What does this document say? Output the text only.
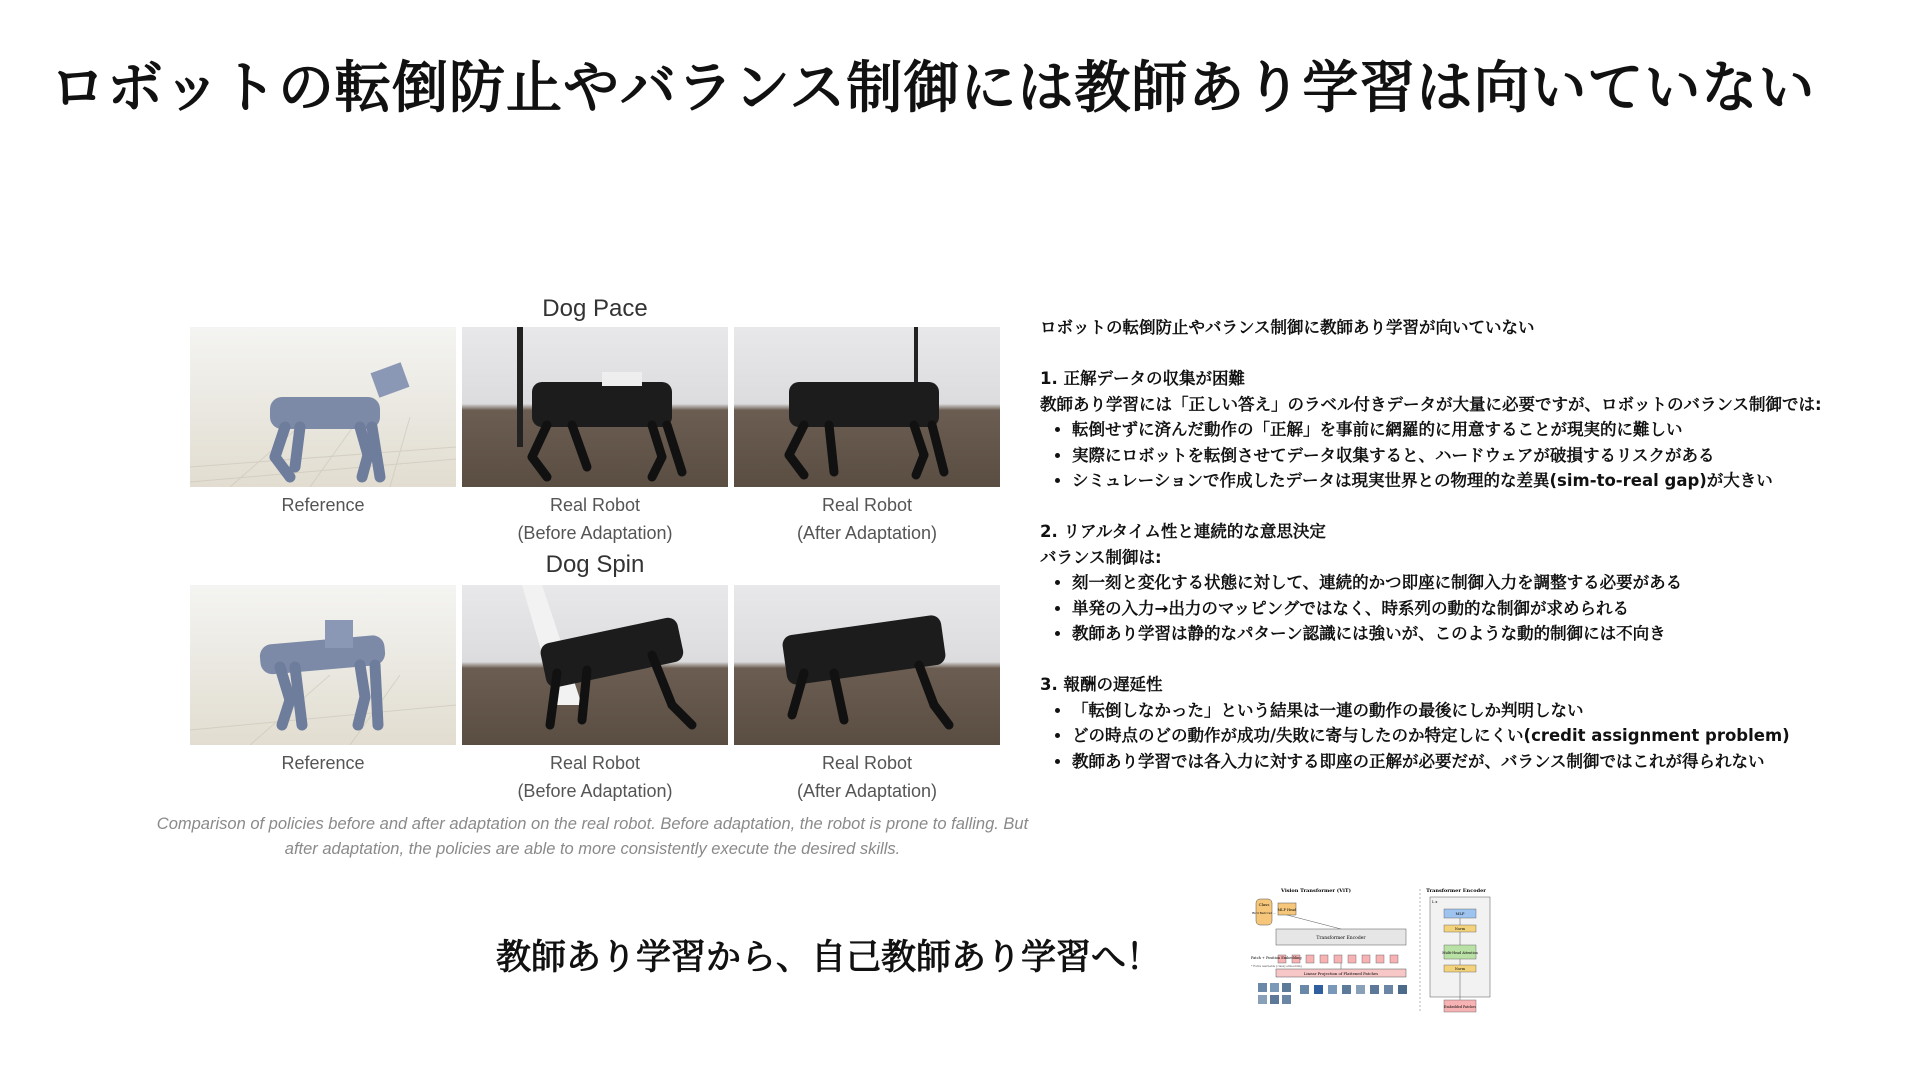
ロボットの転倒防止やバランス制御には教師あり学習は向いていない
Dog Pace
Reference	Real Robot
(Before Adaptation)
Real Robot
(After Adaptation)
Dog Spin
Reference	Real Robot
(Before Adaptation)
Real Robot
(After Adaptation)
Comparison of policies before and after adaptation on the real robot. Before adaptation, the robot is prone to falling. But
after adaptation, the policies are able to more consistently execute the desired skills.

ロボットの転倒防止やバランス制御に教師あり学習が向いていない

1. 正解データの収集が困難

教師あり学習には「正しい答え」のラベル付きデータが大量に必要ですが、ロボットのバランス制御では:

• 転倒せずに済んだ動作の「正解」を事前に網羅的に用意することが現実的に難しい
• 実際にロボットを転倒させてデータ収集すると、ハードウェアが破損するリスクがある
• シミュレーションで作成したデータは現実世界との物理的な差異(sim-to-real gap)が大きい

2. リアルタイム性と連続的な意思決定

バランス制御は:

• 刻一刻と変化する状態に対して、連続的かつ即座に制御入力を調整する必要がある
• 単発の入力→出力のマッピングではなく、時系列の動的な制御が求められる
• 教師あり学習は静的なパターン認識には強いが、このような動的制御には不向き

3. 報酬の遅延性

• 「転倒しなかった」という結果は一連の動作の最後にしか判明しない
• どの時点のどの動作が成功/失敗に寄与したのか特定しにくい(credit assignment problem)
• 教師あり学習では各入力に対する即座の正解が必要だが、バランス制御ではこれが得られない
教師あり学習から、自己教師あり学習へ！
Vision Transformer (ViT)	Transformer Encoder
Class
Bird Ball Car ...
MLP Head
Transformer Encoder
Patch + Position Embedding
* Extra learnable [class] embedding
Linear Projection of Flattened Patches
L x
MLP
Norm
Multi-Head Attention
Norm
Embedded Patches
